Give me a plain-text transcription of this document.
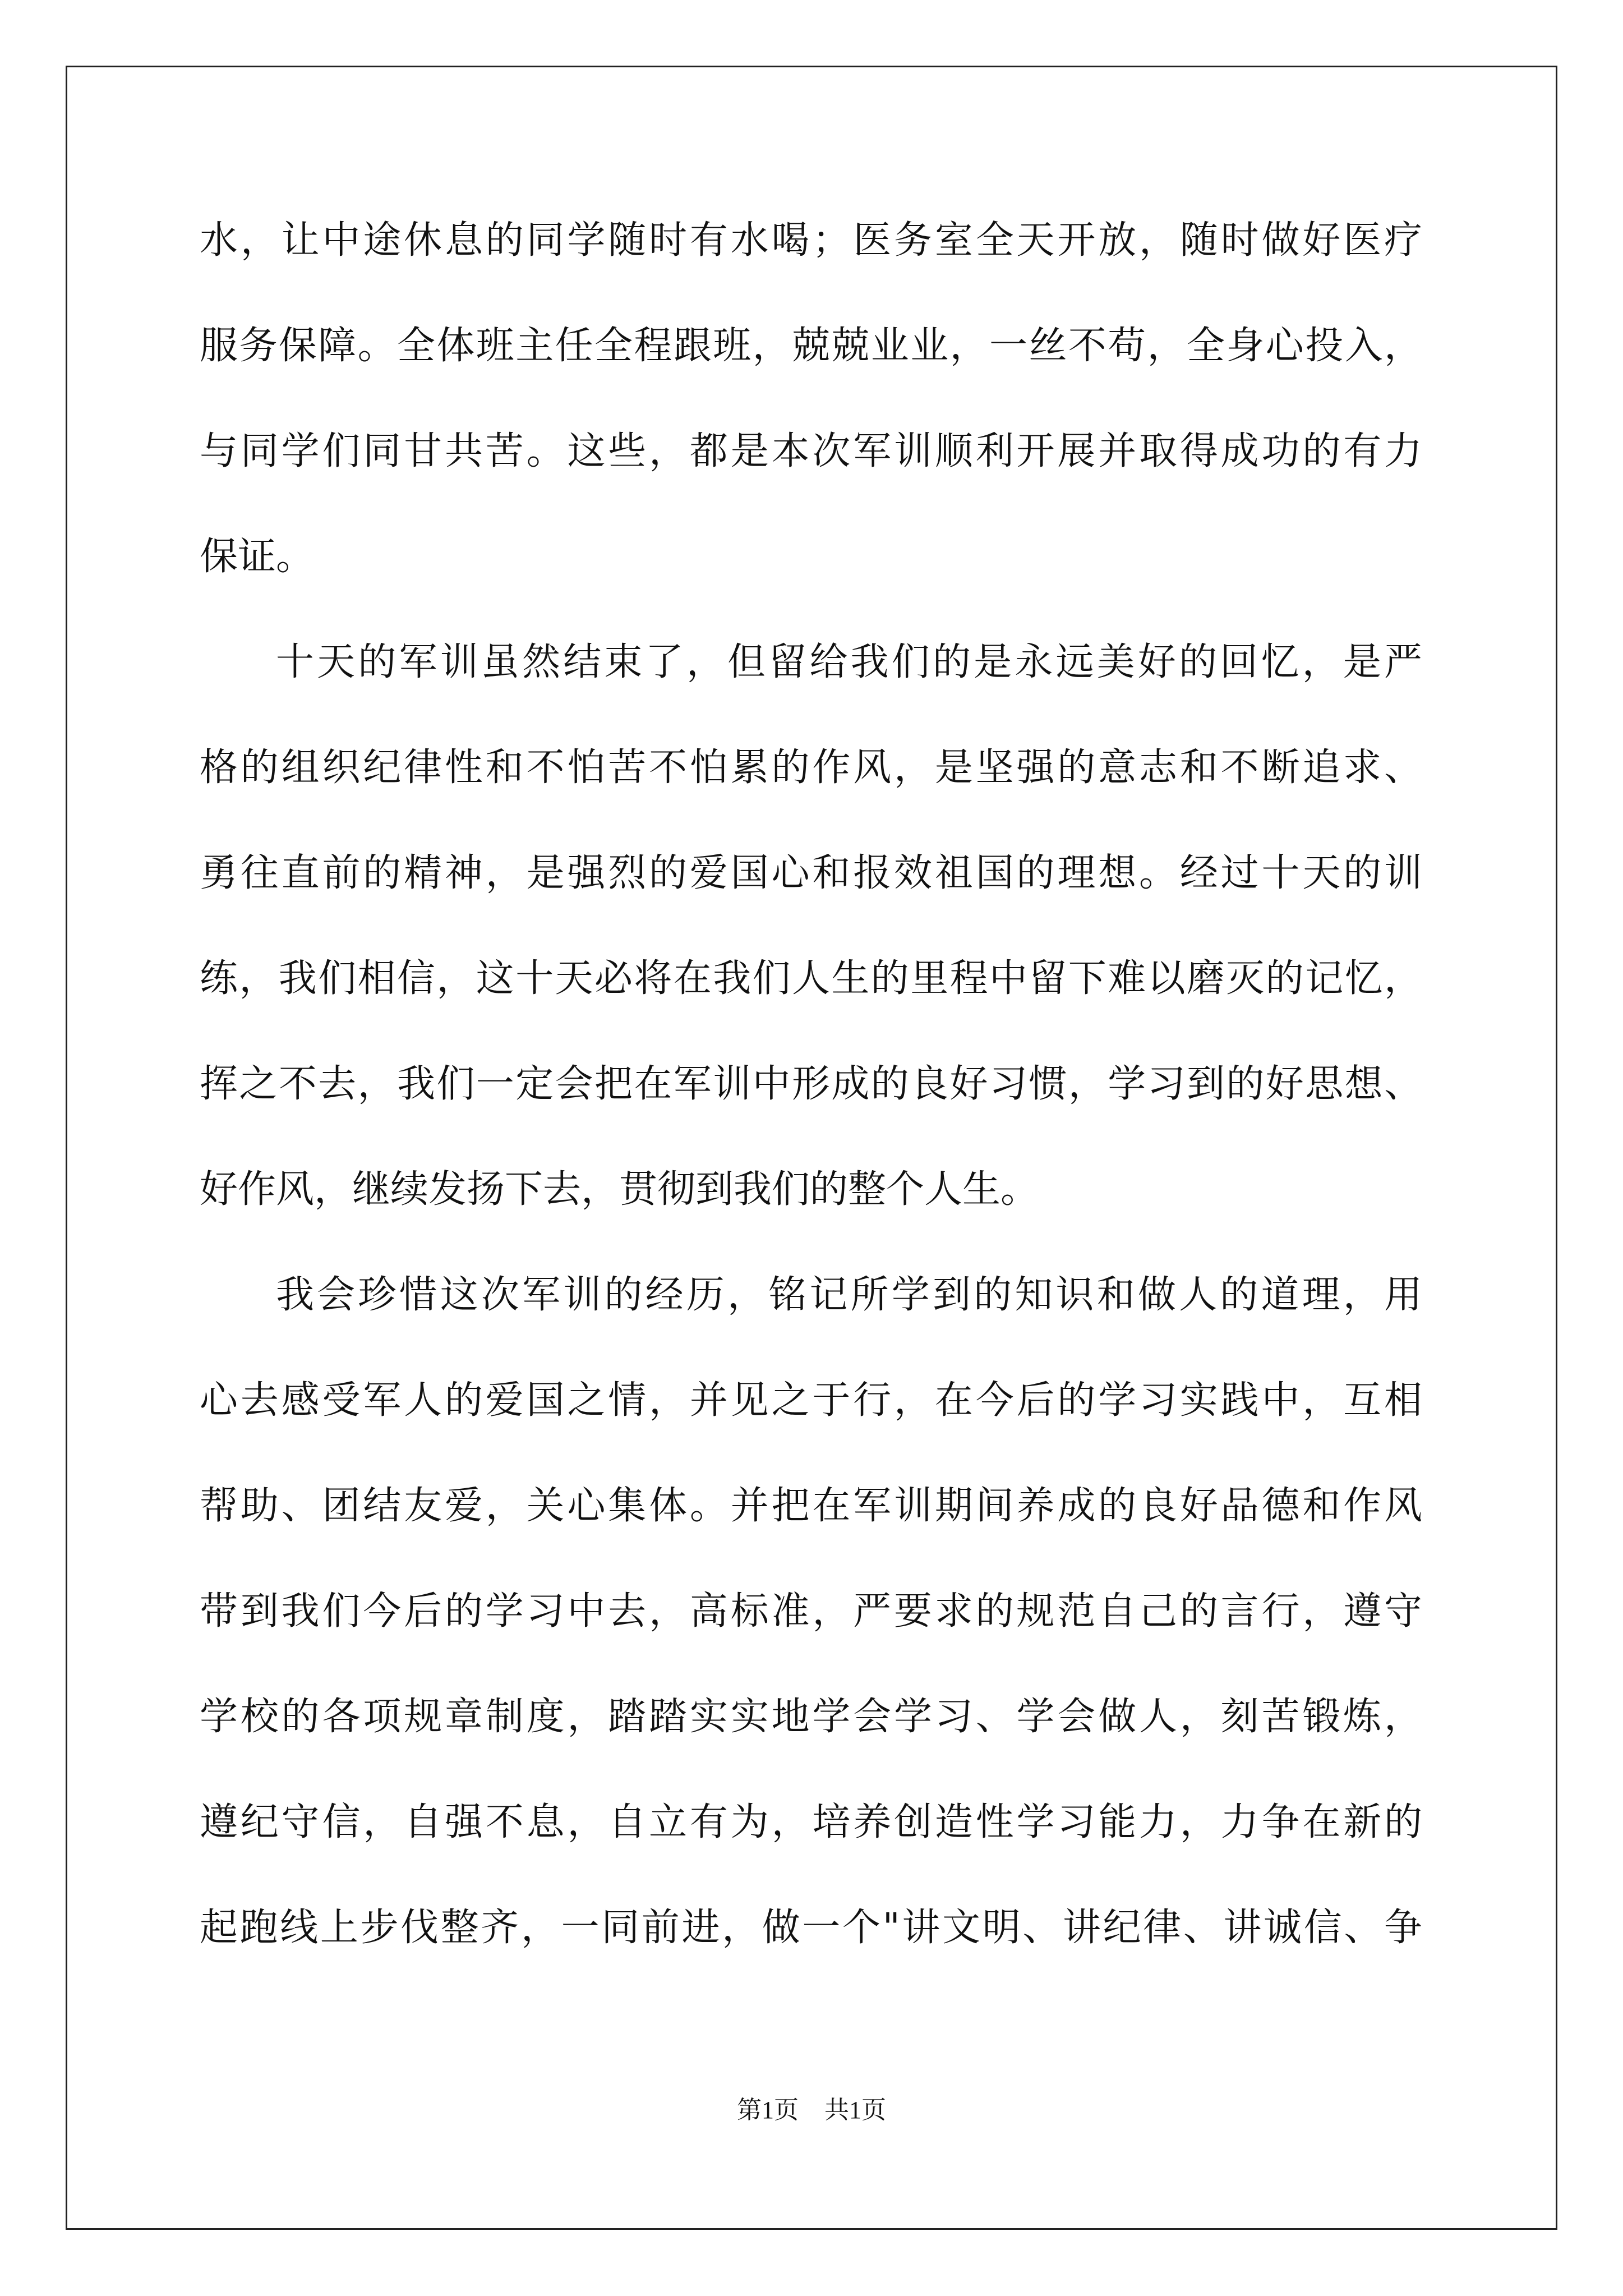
水，让中途休息的同学随时有水喝；医务室全天开放，随时做好医疗
服务保障。全体班主任全程跟班，兢兢业业，一丝不苟，全身心投入，
与同学们同甘共苦。这些，都是本次军训顺利开展并取得成功的有力
保证。
十天的军训虽然结束了，但留给我们的是永远美好的回忆，是严
格的组织纪律性和不怕苦不怕累的作风，是坚强的意志和不断追求、
勇往直前的精神，是强烈的爱国心和报效祖国的理想。经过十天的训
练，我们相信，这十天必将在我们人生的里程中留下难以磨灭的记忆，
挥之不去，我们一定会把在军训中形成的良好习惯，学习到的好思想、
好作风，继续发扬下去，贯彻到我们的整个人生。
我会珍惜这次军训的经历，铭记所学到的知识和做人的道理，用
心去感受军人的爱国之情，并见之于行，在今后的学习实践中，互相
帮助、团结友爱，关心集体。并把在军训期间养成的良好品德和作风
带到我们今后的学习中去，高标准，严要求的规范自己的言行，遵守
学校的各项规章制度，踏踏实实地学会学习、学会做人，刻苦锻炼，
遵纪守信，自强不息，自立有为，培养创造性学习能力，力争在新的
起跑线上步伐整齐，一同前进，做一个"讲文明、讲纪律、讲诚信、争
第1页 共1页
